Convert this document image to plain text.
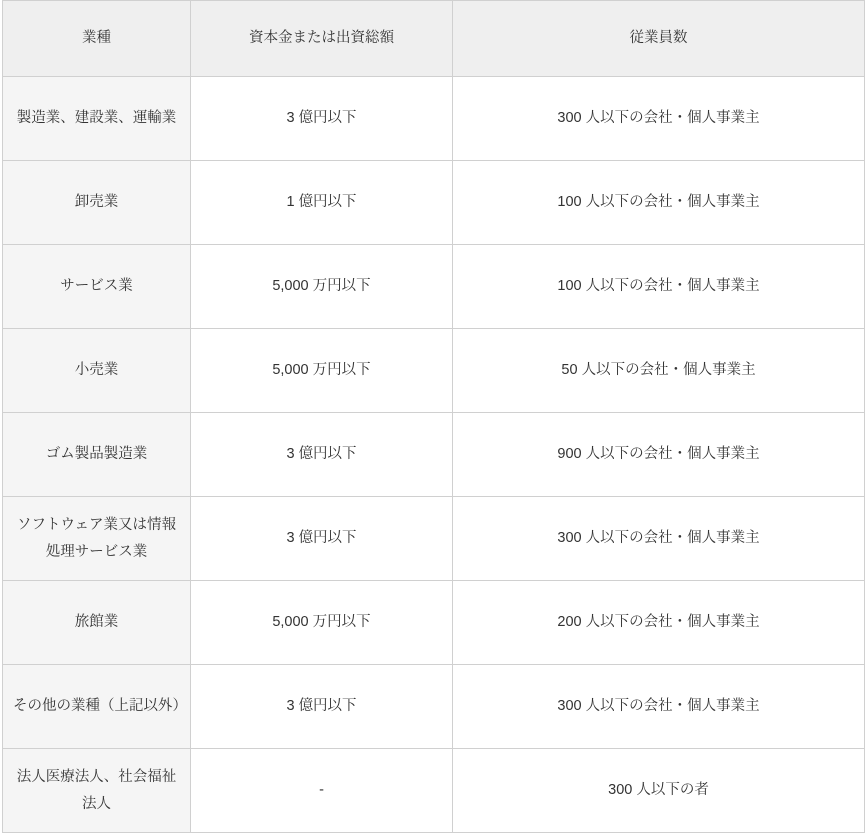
業種	資本金または出資総額	従業員数
製造業、建設業、運輸業	3 億円以下	300 人以下の会社・個人事業主
卸売業	1 億円以下	100 人以下の会社・個人事業主
サービス業	5,000 万円以下	100 人以下の会社・個人事業主
小売業	5,000 万円以下	50 人以下の会社・個人事業主
ゴム製品製造業	3 億円以下	900 人以下の会社・個人事業主
ソフトウェア業又は情報処理サービス業	3 億円以下	300 人以下の会社・個人事業主
旅館業	5,000 万円以下	200 人以下の会社・個人事業主
その他の業種（上記以外）	3 億円以下	300 人以下の会社・個人事業主
法人医療法人、社会福祉法人	-	300 人以下の者
